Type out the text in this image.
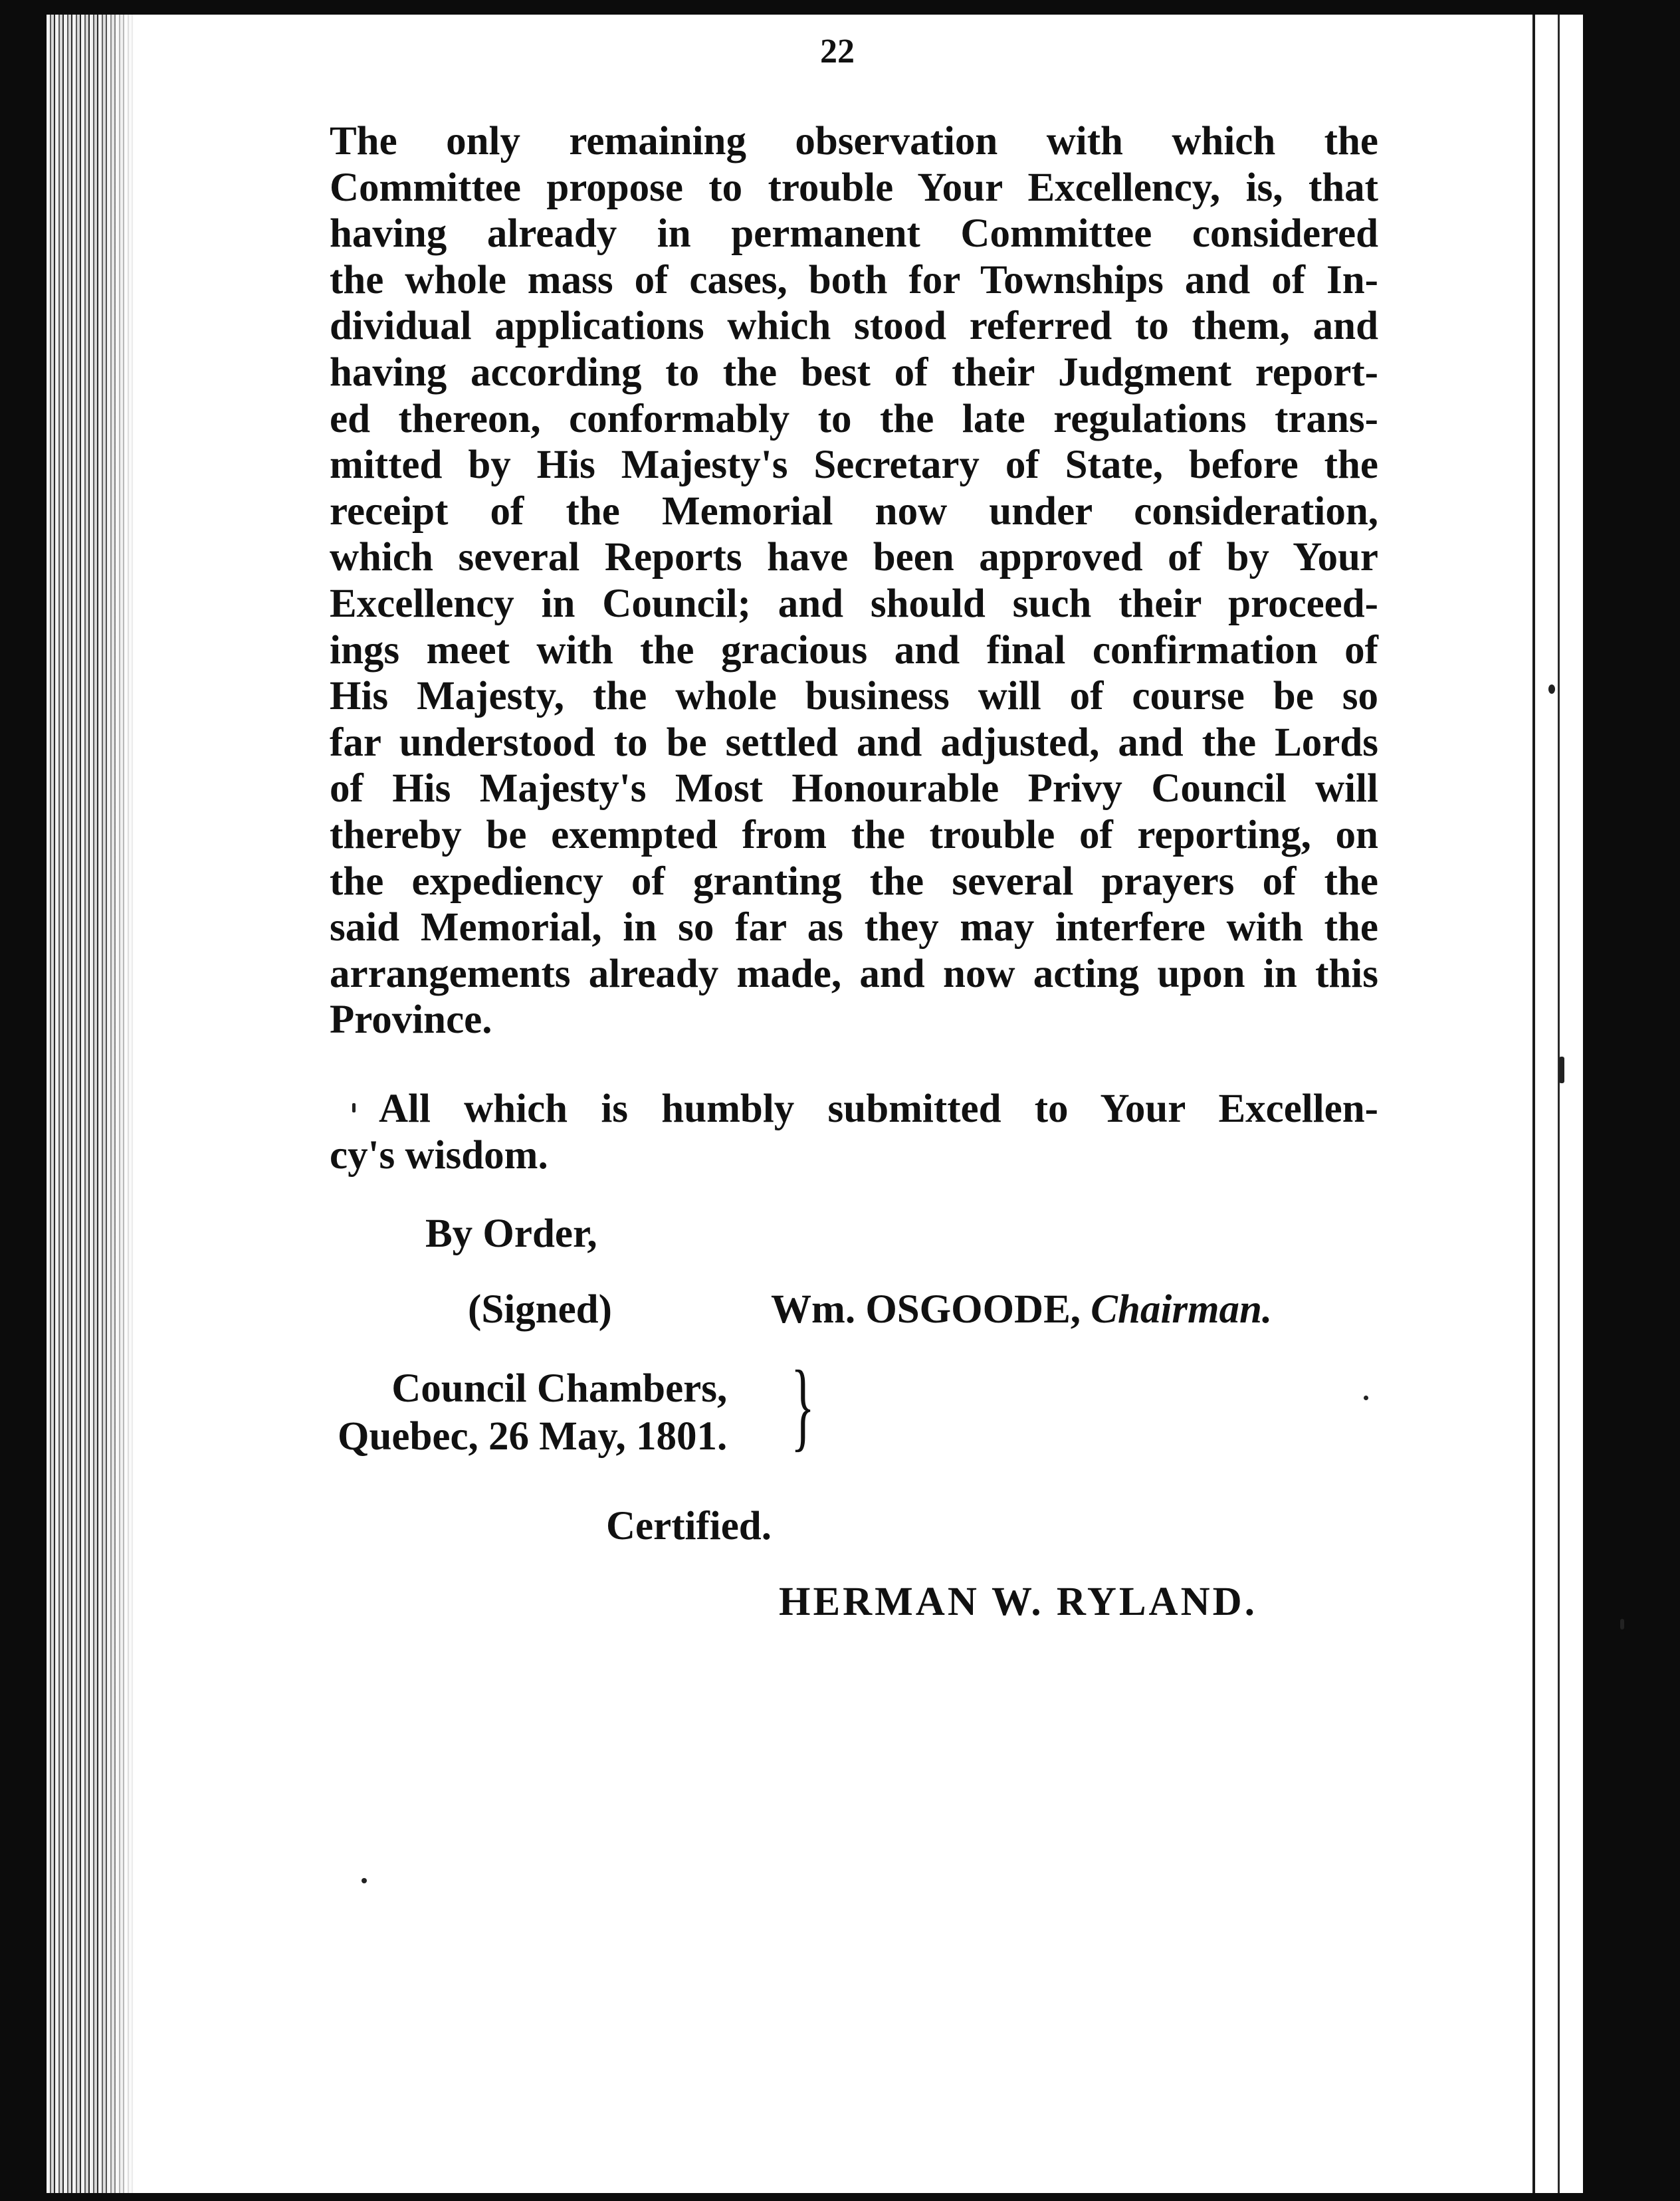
22
The only remaining observation with which the
Committee propose to trouble Your Excellency, is, that
having already in permanent Committee considered
the whole mass of cases, both for Townships and of In-
dividual applications which stood referred to them, and
having according to the best of their Judgment report-
ed thereon, conformably to the late regulations trans-
mitted by His Majesty's Secretary of State, before the
receipt of the Memorial now under consideration,
which several Reports have been approved of by Your
Excellency in Council; and should such their proceed-
ings meet with the gracious and final confirmation of
His Majesty, the whole business will of course be so
far understood to be settled and adjusted, and the Lords
of His Majesty's Most Honourable Privy Council will
thereby be exempted from the trouble of reporting, on
the expediency of granting the several prayers of the
said Memorial, in so far as they may interfere with the
arrangements already made, and now acting upon in this
Province.
All which is humbly submitted to Your Excellen-
cy's wisdom.
By Order,
(Signed)	Wm. OSGOODE, Chairman.
Council Chambers,
Quebec, 26 May, 1801. }
Certified.
HERMAN W. RYLAND.
